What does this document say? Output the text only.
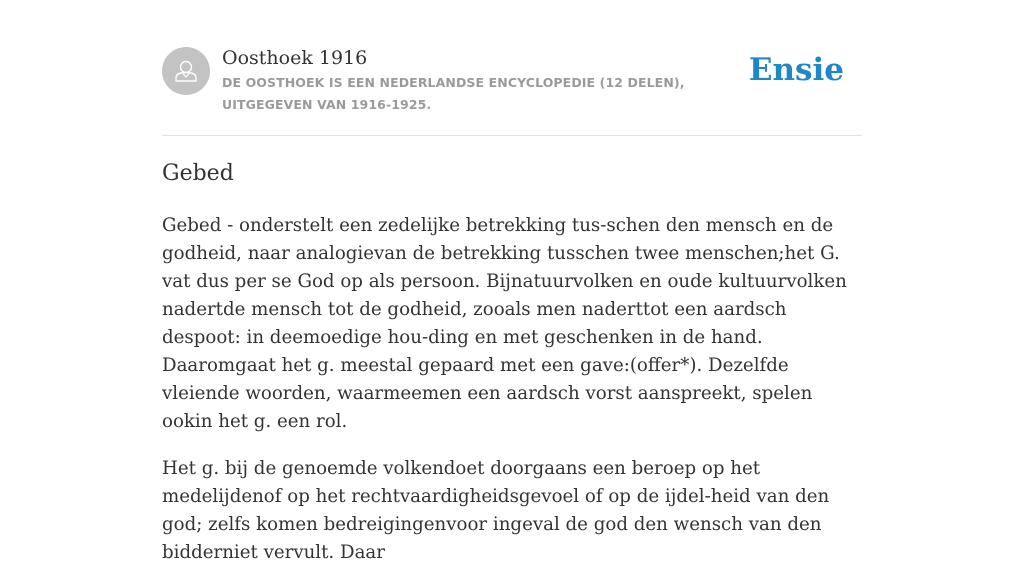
Oosthoek 1916
DE OOSTHOEK IS EEN NEDERLANDSE ENCYCLOPEDIE (12 DELEN), UITGEGEVEN VAN 1916-1925.
Ensie
Gebed

Gebed - onderstelt een zedelijke betrekking tus-schen den mensch en de godheid, naar analogievan de betrekking tusschen twee menschen;het G. vat dus per se God op als persoon. Bijnatuurvolken en oude kultuurvolken nadertde mensch tot de godheid, zooals men naderttot een aardsch despoot: in deemoedige hou-ding en met geschenken in de hand. Daaromgaat het g. meestal gepaard met een gave:(offer*). Dezelfde vleiende woorden, waarmeemen een aardsch vorst aanspreekt, spelen ookin het g. een rol.

Het g. bij de genoemde volkendoet doorgaans een beroep op het medelijdenof op het rechtvaardigheidsgevoel of op de ijdel-heid van den god; zelfs komen bedreigingenvoor ingeval de god den wensch van den bidderniet vervult. Daar
